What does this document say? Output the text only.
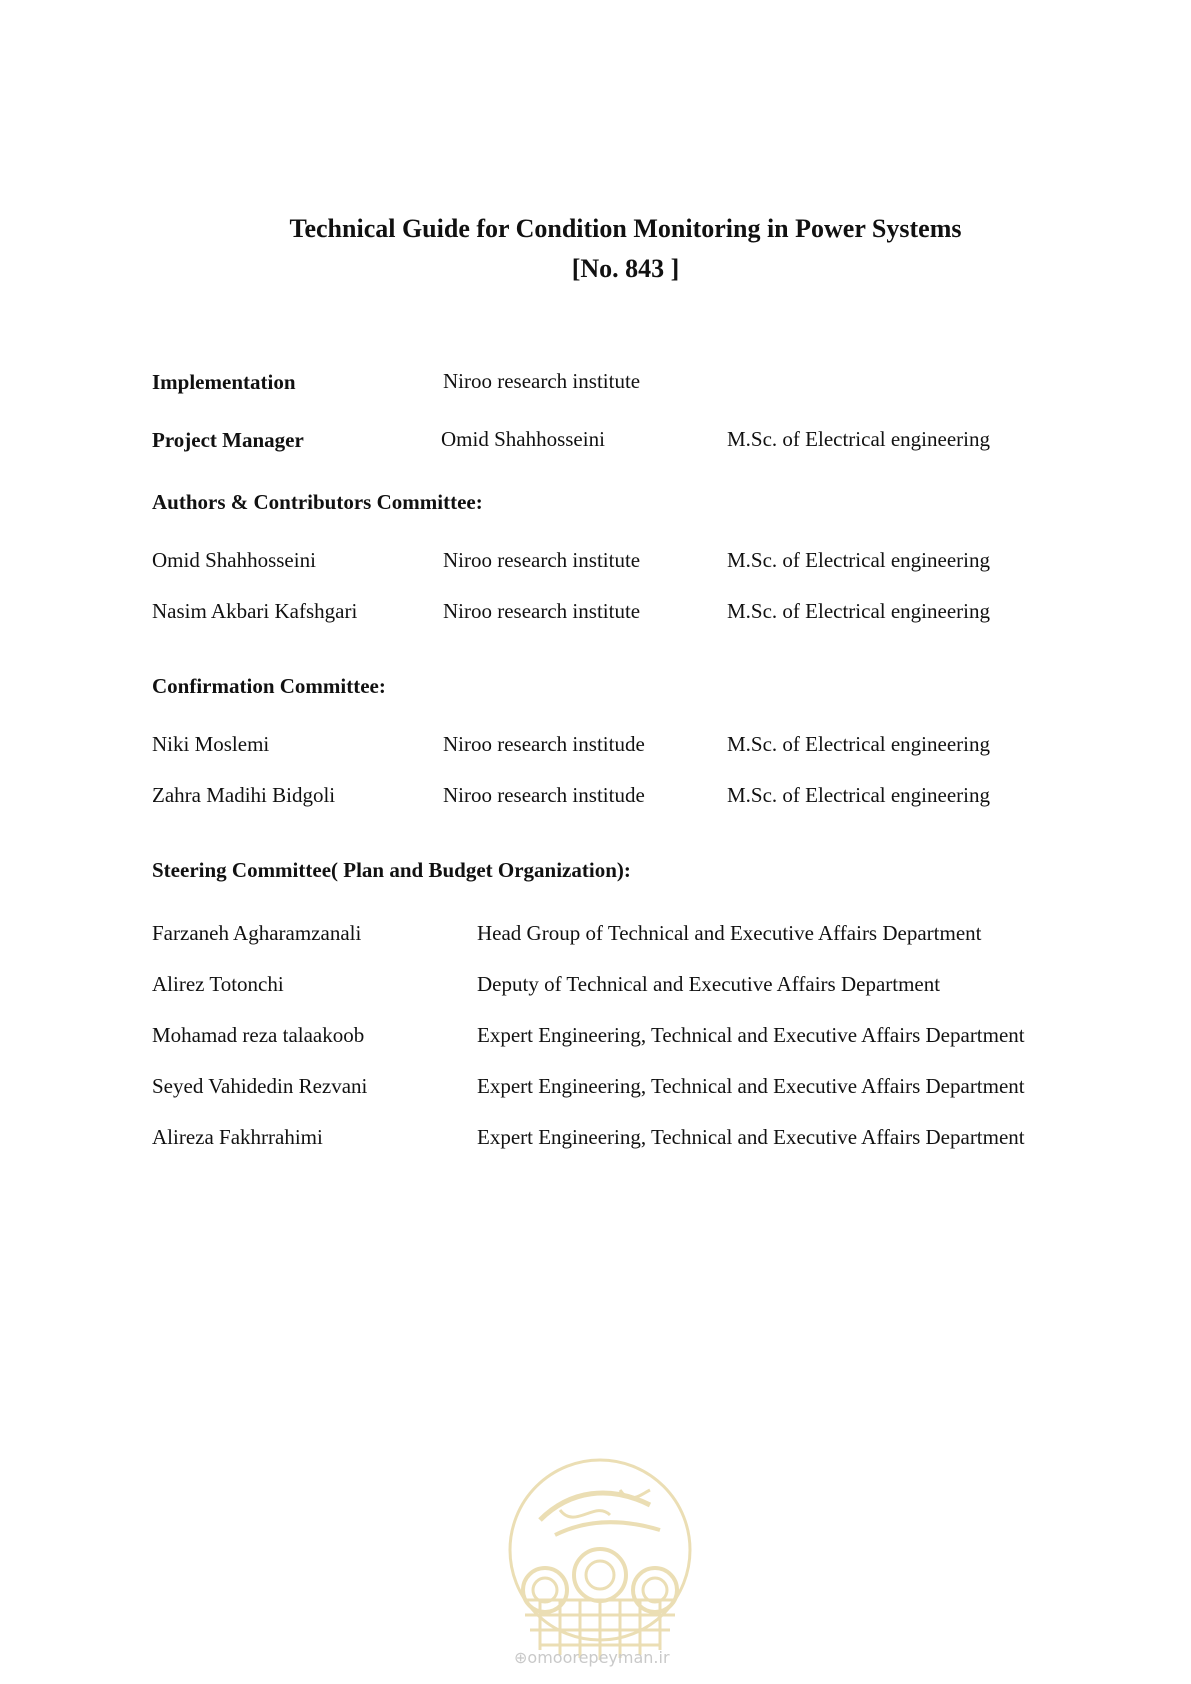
Technical Guide for Condition Monitoring in Power Systems
[No. 843 ]
Implementation	Niroo research institute
Project Manager	Omid Shahhosseini	M.Sc. of Electrical engineering
Authors & Contributors Committee:
Omid Shahhosseini	Niroo research institute	M.Sc. of Electrical engineering
Nasim Akbari Kafshgari	Niroo research institute	M.Sc. of Electrical engineering
Confirmation Committee:
Niki Moslemi	Niroo research institude	M.Sc. of Electrical engineering
Zahra Madihi Bidgoli	Niroo research institude	M.Sc. of Electrical engineering
Steering Committee( Plan and Budget Organization):
Farzaneh Agharamzanali	Head Group of Technical and Executive Affairs Department
Alirez Totonchi	Deputy of Technical and Executive Affairs Department
Mohamad reza talaakoob	Expert Engineering, Technical and Executive Affairs Department
Seyed Vahidedin Rezvani	Expert Engineering, Technical and Executive Affairs Department
Alireza Fakhrrahimi	Expert Engineering, Technical and Executive Affairs Department
⊕omoorepeyman.ir
